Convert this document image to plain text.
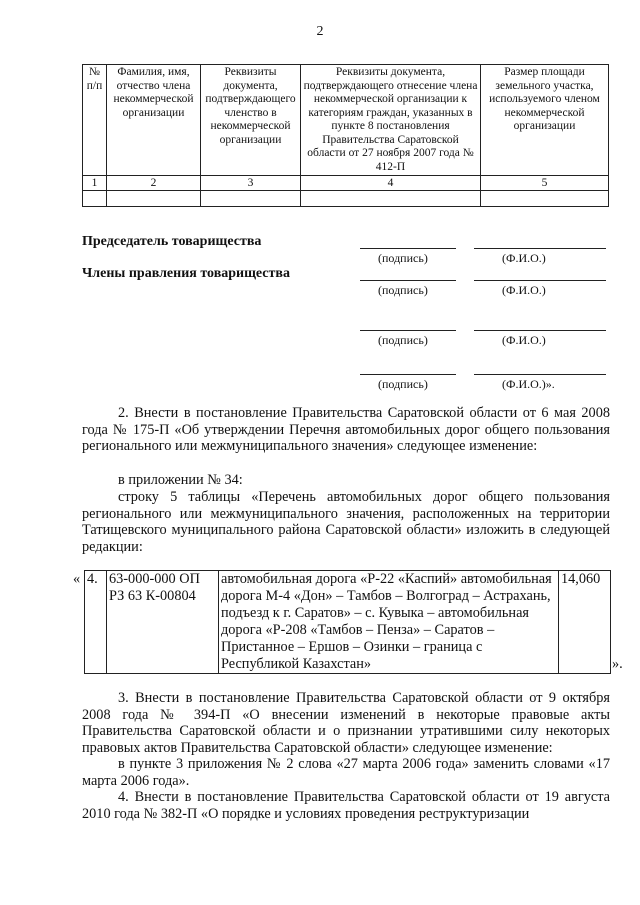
2
№ п/п	Фамилия, имя, отчество члена некоммерческой организации	Реквизиты документа, подтверждающего членство в некоммерческой организации	Реквизиты документа, подтверждающего отнесение члена некоммерческой организации к категориям граждан, указанных в пункте 8 постановления Правительства Саратовской области от 27 ноября 2007 года № 412-П	Размер площади земельного участка, используемого членом некоммерческой организации
1	2	3	4	5

Председатель товарищества
Члены правления товарищества
(подпись)	(Ф.И.О.)
(подпись)	(Ф.И.О.)
(подпись)	(Ф.И.О.)
(подпись)	(Ф.И.О.)».
2. Внести в постановление Правительства Саратовской области от 6 мая 2008 года № 175-П «Об утверждении Перечня автомобильных дорог общего пользования регионального или межмуниципального значения» следующее изменение:
в приложении № 34:
строку 5 таблицы «Перечень автомобильных дорог общего пользования регионального или межмуниципального значения, расположенных на территории Татищевского муниципального района Саратовской области» изложить в следующей редакции:
« 4.	63-000-000 ОП РЗ 63 К-00804	автомобильная дорога «Р-22 «Каспий» автомобильная дорога М-4 «Дон» – Тамбов – Волгоград – Астрахань, подъезд к г. Саратов» – с. Кувыка – автомобильная дорога «Р-208 «Тамбов – Пенза» – Саратов – Пристанное – Ершов – Озинки – граница с Республикой Казахстан»	14,060
».
3. Внести в постановление Правительства Саратовской области от 9 октября 2008 года № 394-П «О внесении изменений в некоторые правовые акты Правительства Саратовской области и о признании утратившими силу некоторых правовых актов Правительства Саратовской области» следующее изменение:
в пункте 3 приложения № 2 слова «27 марта 2006 года» заменить словами «17 марта 2006 года».
4. Внести в постановление Правительства Саратовской области от 19 августа 2010 года № 382-П «О порядке и условиях проведения реструктуризации
